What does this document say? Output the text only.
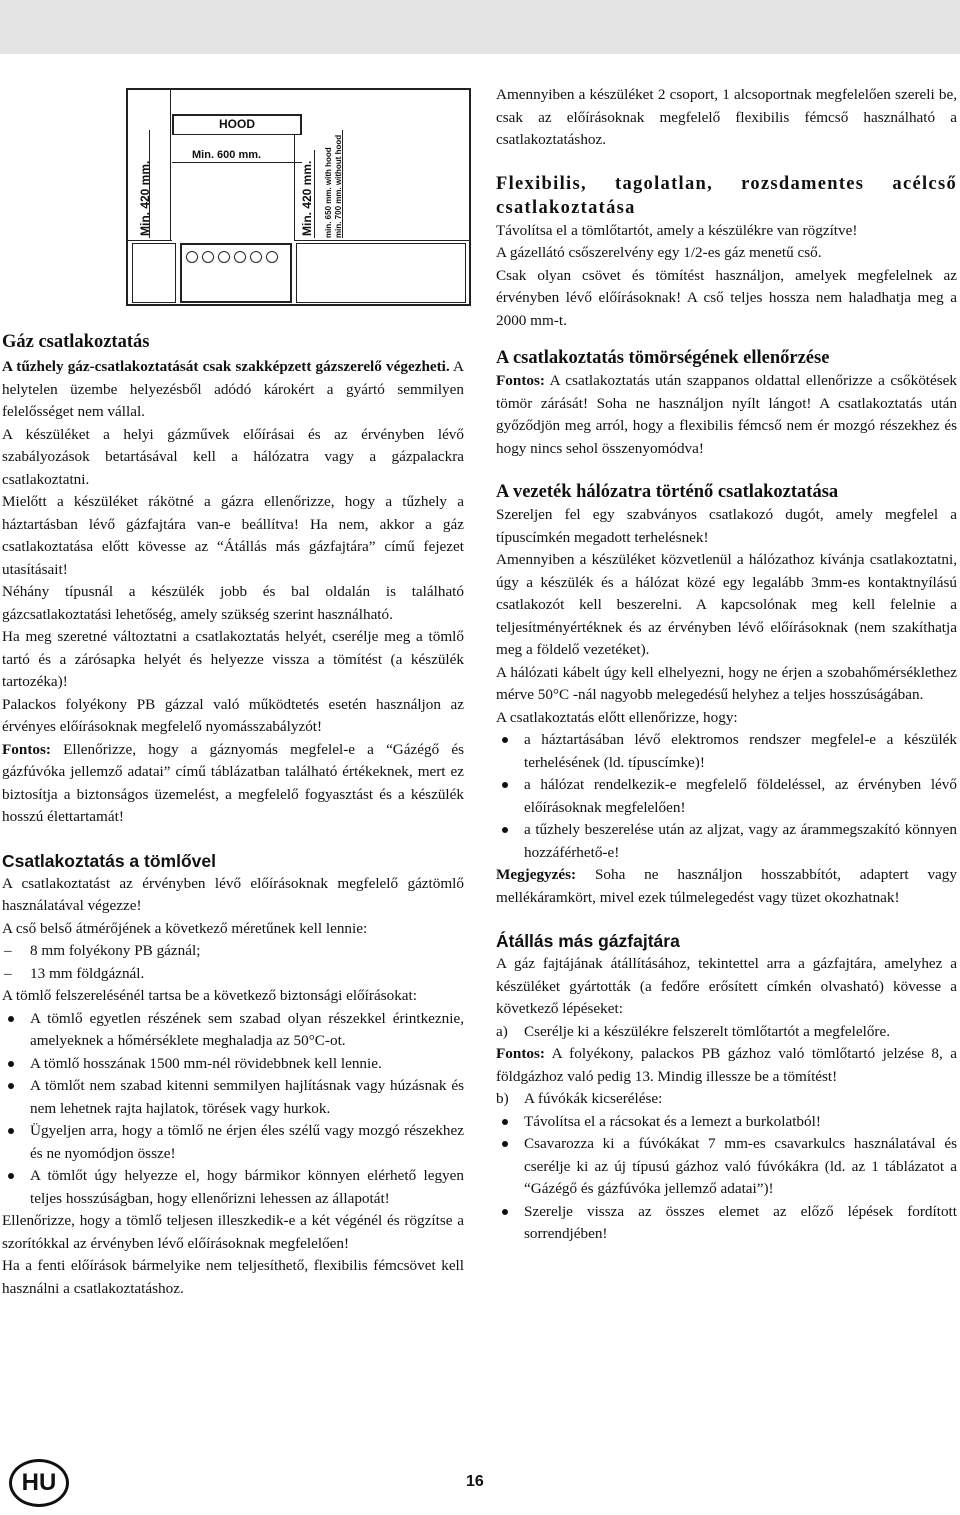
HOOD
Min. 600 mm.
Min. 420 mm.	Min. 420 mm. min. 650 mm. with hood min. 700 mm. without hood
Gáz csatlakoztatás

A tűzhely gáz-csatlakoztatását csak szakképzett gázszerelő végezheti. A helytelen üzembe helyezésből adódó károkért a gyártó semmilyen felelősséget nem vállal.

A készüléket a helyi gázművek előírásai és az érvényben lévő szabályozások betartásával kell a hálózatra vagy a gázpalackra csatlakoztatni.

Mielőtt a készüléket rákötné a gázra ellenőrizze, hogy a tűzhely a háztartásban lévő gázfajtára van-e beállítva! Ha nem, akkor a gáz csatlakoztatása előtt kövesse az “Átállás más gázfajtára” című fejezet utasításait!

Néhány típusnál a készülék jobb és bal oldalán is található gázcsatlakoztatási lehetőség, amely szükség szerint használható.

Ha meg szeretné változtatni a csatlakoztatás helyét, cserélje meg a tömlő tartó és a zárósapka helyét és helyezze vissza a tömítést (a készülék tartozéka)!

Palackos folyékony PB gázzal való működtetés esetén használjon az érvényes előírásoknak megfelelő nyomásszabályzót!

Fontos: Ellenőrizze, hogy a gáznyomás megfelel-e a “Gázégő és gázfúvóka jellemző adatai” című táblázatban található értékeknek, mert ez biztosítja a biztonságos üzemelést, a megfelelő fogyasztást és a készülék hosszú élettartamát!

Csatlakoztatás a tömlővel

A csatlakoztatást az érvényben lévő előírásoknak megfelelő gáztömlő használatával végezze!

A cső belső átmérőjének a következő méretűnek kell lennie:

– 8 mm folyékony PB gáznál;
– 13 mm földgáznál.

A tömlő felszerelésénél tartsa be a következő biztonsági előírásokat:

A tömlő egyetlen részének sem szabad olyan részekkel érintkeznie, amelyeknek a hőmérséklete meghaladja az 50°C-ot.
A tömlő hosszának 1500 mm-nél rövidebbnek kell lennie.
A tömlőt nem szabad kitenni semmilyen hajlításnak vagy húzásnak és nem lehetnek rajta hajlatok, törések vagy hurkok.
Ügyeljen arra, hogy a tömlő ne érjen éles szélű vagy mozgó részekhez és ne nyomódjon össze!
A tömlőt úgy helyezze el, hogy bármikor könnyen elérhető legyen teljes hosszúságban, hogy ellenőrizni lehessen az állapotát!

Ellenőrizze, hogy a tömlő teljesen illeszkedik-e a két végénél és rögzítse a szorítókkal az érvényben lévő előírásoknak megfelelően!

Ha a fenti előírások bármelyike nem teljesíthető, flexibilis fémcsövet kell használni a csatlakoztatáshoz.

Amennyiben a készüléket 2 csoport, 1 alcsoportnak megfelelően szereli be, csak az előírásoknak megfelelő flexibilis fémcső használható a csatlakoztatáshoz.

Flexibilis, tagolatlan, rozsdamentes acélcső csatlakoztatása

Távolítsa el a tömlőtartót, amely a készülékre van rögzítve!

A gázellátó csőszerelvény egy 1/2-es gáz menetű cső.

Csak olyan csövet és tömítést használjon, amelyek megfelelnek az érvényben lévő előírásoknak! A cső teljes hossza nem haladhatja meg a 2000 mm-t.

A csatlakoztatás tömörségének ellenőrzése

Fontos: A csatlakoztatás után szappanos oldattal ellenőrizze a csőkötések tömör zárását! Soha ne használjon nyílt lángot! A csatlakoztatás után győződjön meg arról, hogy a flexibilis fémcső nem ér mozgó részekhez és hogy nincs sehol összenyomódva!

A vezeték hálózatra történő csatlakoztatása

Szereljen fel egy szabványos csatlakozó dugót, amely megfelel a típuscímkén megadott terhelésnek!

Amennyiben a készüléket közvetlenül a hálózathoz kívánja csatlakoztatni, úgy a készülék és a hálózat közé egy legalább 3mm-es kontaktnyílású csatlakozót kell beszerelni. A kapcsolónak meg kell felelnie a teljesítményértéknek és az érvényben lévő előírásoknak (nem szakíthatja meg a földelő vezetéket).

A hálózati kábelt úgy kell elhelyezni, hogy ne érjen a szobahőmérséklethez mérve 50°C -nál nagyobb melegedésű helyhez a teljes hosszúságában.

A csatlakoztatás előtt ellenőrizze, hogy:

a háztartásában lévő elektromos rendszer megfelel-e a készülék terhelésének (ld. típuscímke)!
a hálózat rendelkezik-e megfelelő földeléssel, az érvényben lévő előírásoknak megfelelően!
a tűzhely beszerelése után az aljzat, vagy az árammegszakító könnyen hozzáférhető-e!

Megjegyzés: Soha ne használjon hosszabbítót, adaptert vagy mellékáramkört, mivel ezek túlmelegedést vagy tüzet okozhatnak!

Átállás más gázfajtára

A gáz fajtájának átállításához, tekintettel arra a gázfajtára, amelyhez a készüléket gyártották (a fedőre erősített címkén olvasható) kövesse a következő lépéseket:

a) Cserélje ki a készülékre felszerelt tömlőtartót a megfelelőre.

Fontos: A folyékony, palackos PB gázhoz való tömlőtartó jelzése 8, a földgázhoz való pedig 13. Mindig illessze be a tömítést!

b) A fúvókák kicserélése:
Távolítsa el a rácsokat és a lemezt a burkolatból!
Csavarozza ki a fúvókákat 7 mm-es csavarkulcs használatával és cserélje ki az új típusú gázhoz való fúvókákra (ld. az 1 táblázatot a “Gázégő és gázfúvóka jellemző adatai”)!
Szerelje vissza az összes elemet az előző lépések fordított sorrendjében!
HU	16
